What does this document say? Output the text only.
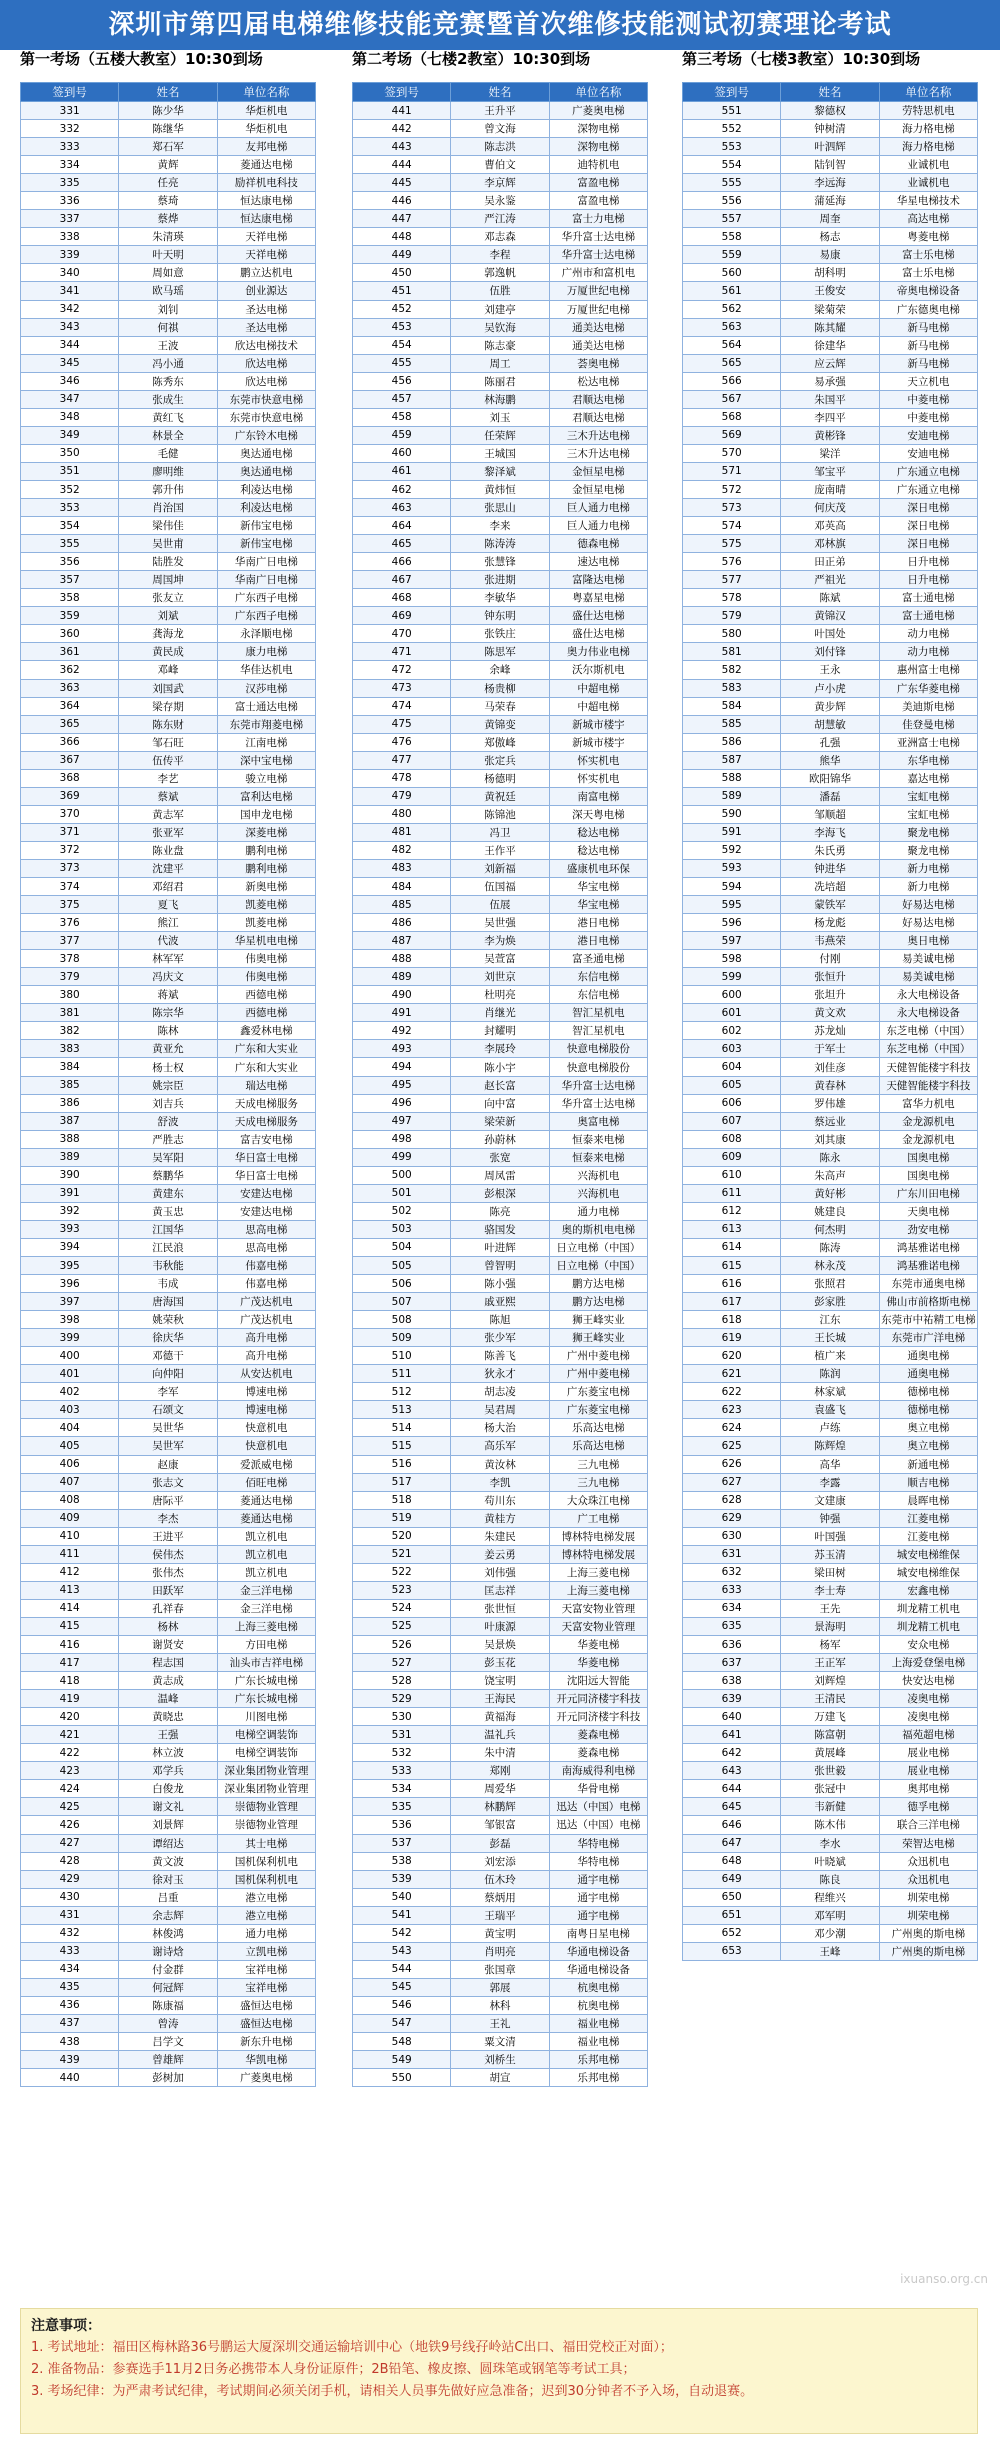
深圳市第四届电梯维修技能竞赛暨首次维修技能测试初赛理论考试
第一考场（五楼大教室）10:30到场
签到号	姓名	单位名称
331	陈少华	华炬机电
332	陈继华	华炬机电
333	郑石军	友邦电梯
334	黄辉	菱通达电梯
335	任亮	励祥机电科技
336	蔡琦	恒达康电梯
337	蔡烨	恒达康电梯
338	朱清瑛	天祥电梯
339	叶天明	天祥电梯
340	周如意	鹏立达机电
341	欧马瑶	创业源达
342	刘钊	圣达电梯
343	何祺	圣达电梯
344	王波	欣达电梯技术
345	冯小通	欣达电梯
346	陈秀东	欣达电梯
347	张成生	东莞市快意电梯
348	黄红飞	东莞市快意电梯
349	林景全	广东铃木电梯
350	毛健	奥达通电梯
351	廖明维	奥达通电梯
352	郭升伟	利凌达电梯
353	肖治国	利凌达电梯
354	梁伟佳	新伟宝电梯
355	吴世甫	新伟宝电梯
356	陆胜发	华南广日电梯
357	周国坤	华南广日电梯
358	张友立	广东西子电梯
359	刘斌	广东西子电梯
360	龚海龙	永泽顺电梯
361	黄民成	康力电梯
362	邓峰	华佳达机电
363	刘国武	汉莎电梯
364	梁存期	富士通达电梯
365	陈东财	东莞市翔菱电梯
366	邹石旺	江南电梯
367	伍传平	深中宝电梯
368	李艺	骏立电梯
369	蔡斌	富利达电梯
370	黄志军	国申龙电梯
371	张亚军	深菱电梯
372	陈业盘	鹏利电梯
373	沈建平	鹏利电梯
374	邓绍君	新奥电梯
375	夏飞	凯菱电梯
376	熊江	凯菱电梯
377	代波	华星机电电梯
378	林军军	伟奥电梯
379	冯庆文	伟奥电梯
380	蒋斌	西德电梯
381	陈宗华	西德电梯
382	陈林	鑫爱林电梯
383	黄亚允	广东和大实业
384	杨士权	广东和大实业
385	姚宗臣	瑞达电梯
386	刘吉兵	天成电梯服务
387	舒波	天成电梯服务
388	严胜志	富吉安电梯
389	吴军阳	华日富士电梯
390	蔡鹏华	华日富士电梯
391	黄建东	安建达电梯
392	黄玉忠	安建达电梯
393	江国华	思高电梯
394	江民浪	思高电梯
395	韦秋能	伟嘉电梯
396	韦成	伟嘉电梯
397	唐海国	广茂达机电
398	姚荣秋	广茂达机电
399	徐庆华	高升电梯
400	邓德干	高升电梯
401	向仲阳	从安达机电
402	李军	博速电梯
403	石颂文	博速电梯
404	吴世华	快意机电
405	吴世军	快意机电
406	赵康	爱派威电梯
407	张志文	佰旺电梯
408	唐际平	菱通达电梯
409	李杰	菱通达电梯
410	王进平	凯立机电
411	侯伟杰	凯立机电
412	张伟杰	凯立机电
413	田跃军	金三洋电梯
414	孔祥春	金三洋电梯
415	杨林	上海三菱电梯
416	谢贤安	方田电梯
417	程志国	汕头市吉祥电梯
418	黄志成	广东长城电梯
419	温峰	广东长城电梯
420	黄晓忠	川图电梯
421	王强	电梯空调装饰
422	林立波	电梯空调装饰
423	邓学兵	深业集团物业管理
424	白俊龙	深业集团物业管理
425	谢文礼	崇德物业管理
426	刘景辉	崇德物业管理
427	谭绍达	其士电梯
428	黄文波	国机保利机电
429	徐对玉	国机保利机电
430	吕重	港立电梯
431	余志辉	港立电梯
432	林俊鸿	通力电梯
433	谢诗焓	立凯电梯
434	付金群	宝祥电梯
435	何冠辉	宝祥电梯
436	陈康福	盛恒达电梯
437	曾涛	盛恒达电梯
438	吕学文	新东升电梯
439	曾雄辉	华凯电梯
440	彭树加	广菱奥电梯
第二考场（七楼2教室）10:30到场
签到号	姓名	单位名称
441	王升平	广菱奥电梯
442	曾文海	深物电梯
443	陈志洪	深物电梯
444	曹伯文	迪特机电
445	李京辉	富盈电梯
446	吴永鉴	富盈电梯
447	严江涛	富士力电梯
448	邓志森	华升富士达电梯
449	李程	华升富士达电梯
450	郭逸帆	广州市和富机电
451	伍胜	万厦世纪电梯
452	刘建亭	万厦世纪电梯
453	吴钦海	通美达电梯
454	陈志豪	通美达电梯
455	周工	荟奥电梯
456	陈丽君	松达电梯
457	林海鹏	君顺达电梯
458	刘玉	君顺达电梯
459	任荣辉	三木升达电梯
460	王城国	三木升达电梯
461	黎泽斌	金恒星电梯
462	黄炜恒	金恒星电梯
463	张思山	巨人通力电梯
464	李来	巨人通力电梯
465	陈涛涛	德森电梯
466	张慧锋	速达电梯
467	张进期	富隆达电梯
468	李敏华	粤嘉星电梯
469	钟东明	盛仕达电梯
470	张铁庄	盛仕达电梯
471	陈思军	奥力伟业电梯
472	余峰	沃尔斯机电
473	杨贵柳	中超电梯
474	马荣春	中超电梯
475	黄锦变	新城市楼宇
476	郑傲峰	新城市楼宇
477	张定兵	怀实机电
478	杨德明	怀实机电
479	黄祝廷	南富电梯
480	陈锦池	深天粤电梯
481	冯卫	稔达电梯
482	王作平	稔达电梯
483	刘新福	盛康机电环保
484	伍国福	华宝电梯
485	伍展	华宝电梯
486	吴世强	港日电梯
487	李为焕	港日电梯
488	吴萱富	富圣通电梯
489	刘世京	东信电梯
490	杜明亮	东信电梯
491	肖继光	智汇星机电
492	封耀明	智汇星机电
493	李展玲	快意电梯股份
494	陈小宇	快意电梯股份
495	赵长富	华升富士达电梯
496	向中富	华升富士达电梯
497	梁荣新	奥富电梯
498	孙蔚林	恒泰来电梯
499	张宽	恒泰来电梯
500	周凤雷	兴海机电
501	彭根深	兴海机电
502	陈亮	通力电梯
503	骆国发	奥的斯机电电梯
504	叶进辉	日立电梯（中国）
505	曾智明	日立电梯（中国）
506	陈小强	鹏方达电梯
507	戚亚熙	鹏方达电梯
508	陈旭	狮王峰实业
509	张少军	狮王峰实业
510	陈善飞	广州中菱电梯
511	狄永才	广州中菱电梯
512	胡志凌	广东菱宝电梯
513	吴君周	广东菱宝电梯
514	杨大治	乐高达电梯
515	高乐军	乐高达电梯
516	黄汝林	三九电梯
517	李凯	三九电梯
518	苟川东	大众珠江电梯
519	黄桂方	广工电梯
520	朱建民	博林特电梯发展
521	姜云勇	博林特电梯发展
522	刘伟强	上海三菱电梯
523	匡志祥	上海三菱电梯
524	张世恒	天富安物业管理
525	叶康源	天富安物业管理
526	吴景焕	华菱电梯
527	彭玉花	华菱电梯
528	饶宝明	沈阳远大智能
529	王海民	开元同济楼宇科技
530	黄福海	开元同济楼宇科技
531	温礼兵	菱森电梯
532	朱中清	菱森电梯
533	郑刚	南海威得利电梯
534	周爱华	华骨电梯
535	林鹏辉	迅达（中国）电梯
536	邹银富	迅达（中国）电梯
537	彭磊	华特电梯
538	刘宏添	华特电梯
539	伍木玲	通宇电梯
540	蔡炳用	通宇电梯
541	王瑞平	通宇电梯
542	黄宝明	南粤日星电梯
543	肖明亮	华通电梯设备
544	张国章	华通电梯设备
545	郭展	杭奥电梯
546	林科	杭奥电梯
547	王礼	福业电梯
548	粟文清	福业电梯
549	刘桥生	乐邦电梯
550	胡宣	乐邦电梯
第三考场（七楼3教室）10:30到场
签到号	姓名	单位名称
551	黎德权	劳特思机电
552	钟树清	海力格电梯
553	叶泗辉	海力格电梯
554	陆钊智	业诚机电
555	李远海	业诚机电
556	蒲延海	华星电梯技术
557	周奎	高达电梯
558	杨志	粤菱电梯
559	易康	富士乐电梯
560	胡科明	富士乐电梯
561	王俊安	帝奥电梯设备
562	梁菊荣	广东德奥电梯
563	陈其耀	新马电梯
564	徐建华	新马电梯
565	应云辉	新马电梯
566	易承强	天立机电
567	朱国平	中菱电梯
568	李四平	中菱电梯
569	黄彬锋	安迪电梯
570	梁洋	安迪电梯
571	邹宝平	广东通立电梯
572	庞南晴	广东通立电梯
573	何庆茂	深日电梯
574	邓英高	深日电梯
575	邓林旗	深日电梯
576	田正弟	日升电梯
577	严祖光	日升电梯
578	陈斌	富士通电梯
579	黄锦汉	富士通电梯
580	叶国处	动力电梯
581	刘付锋	动力电梯
582	王永	惠州富士电梯
583	卢小虎	广东华菱电梯
584	黄步辉	美迪斯电梯
585	胡慧敏	佳登曼电梯
586	孔强	亚洲富士电梯
587	熊华	东华电梯
588	欧阳锦华	嘉达电梯
589	潘磊	宝虹电梯
590	邹顺超	宝虹电梯
591	李海飞	聚龙电梯
592	朱氏勇	聚龙电梯
593	钟进华	新力电梯
594	冼培超	新力电梯
595	蒙铁军	好易达电梯
596	杨龙彪	好易达电梯
597	韦燕荣	奥日电梯
598	付刚	易美诚电梯
599	张恒升	易美诚电梯
600	张坦升	永大电梯设备
601	黄文欢	永大电梯设备
602	苏龙灿	东芝电梯（中国）
603	于军士	东芝电梯（中国）
604	刘佳彦	天健智能楼宇科技
605	黄春林	天健智能楼宇科技
606	罗伟雄	富华力机电
607	蔡远业	金龙源机电
608	刘其康	金龙源机电
609	陈永	国奥电梯
610	朱高声	国奥电梯
611	黄好彬	广东川田电梯
612	姚建良	天奥电梯
613	何杰明	劲安电梯
614	陈涛	鸿基雅诺电梯
615	林永茂	鸿基雅诺电梯
616	张照君	东莞市通奥电梯
617	彭家胜	佛山市前格斯电梯
618	江东	东莞市中祐精工电梯
619	王长城	东莞市广洋电梯
620	植广来	通奥电梯
621	陈润	通奥电梯
622	林家斌	德梯电梯
623	袁盛飞	德梯电梯
624	卢练	奥立电梯
625	陈辉煌	奥立电梯
626	高华	新通电梯
627	李露	顺吉电梯
628	文建康	晨晖电梯
629	钟强	江菱电梯
630	叶国强	江菱电梯
631	苏玉清	城安电梯维保
632	梁田树	城安电梯维保
633	李士寿	宏鑫电梯
634	王先	圳龙精工机电
635	景海明	圳龙精工机电
636	杨军	安众电梯
637	王正军	上海爱登堡电梯
638	刘辉煌	快安达电梯
639	王清民	凌奥电梯
640	万建飞	凌奥电梯
641	陈富朝	福苑超电梯
642	黄展峰	展业电梯
643	张世毅	展业电梯
644	张冠中	奥邦电梯
645	韦新健	德孚电梯
646	陈木伟	联合三洋电梯
647	李水	荣智达电梯
648	叶晓斌	众迅机电
649	陈良	众迅机电
650	程维兴	圳荣电梯
651	邓军明	圳荣电梯
652	邓少潮	广州奥的斯电梯
653	王峰	广州奥的斯电梯
ixuanso.org.cn
注意事项：
1. 考试地址：福田区梅林路36号鹏运大厦深圳交通运输培训中心（地铁9号线孖岭站C出口、福田党校正对面）；
2. 准备物品：参赛选手11月2日务必携带本人身份证原件；2B铅笔、橡皮擦、圆珠笔或钢笔等考试工具；
3. 考场纪律：为严肃考试纪律，考试期间必须关闭手机，请相关人员事先做好应急准备；迟到30分钟者不予入场，自动退赛。
